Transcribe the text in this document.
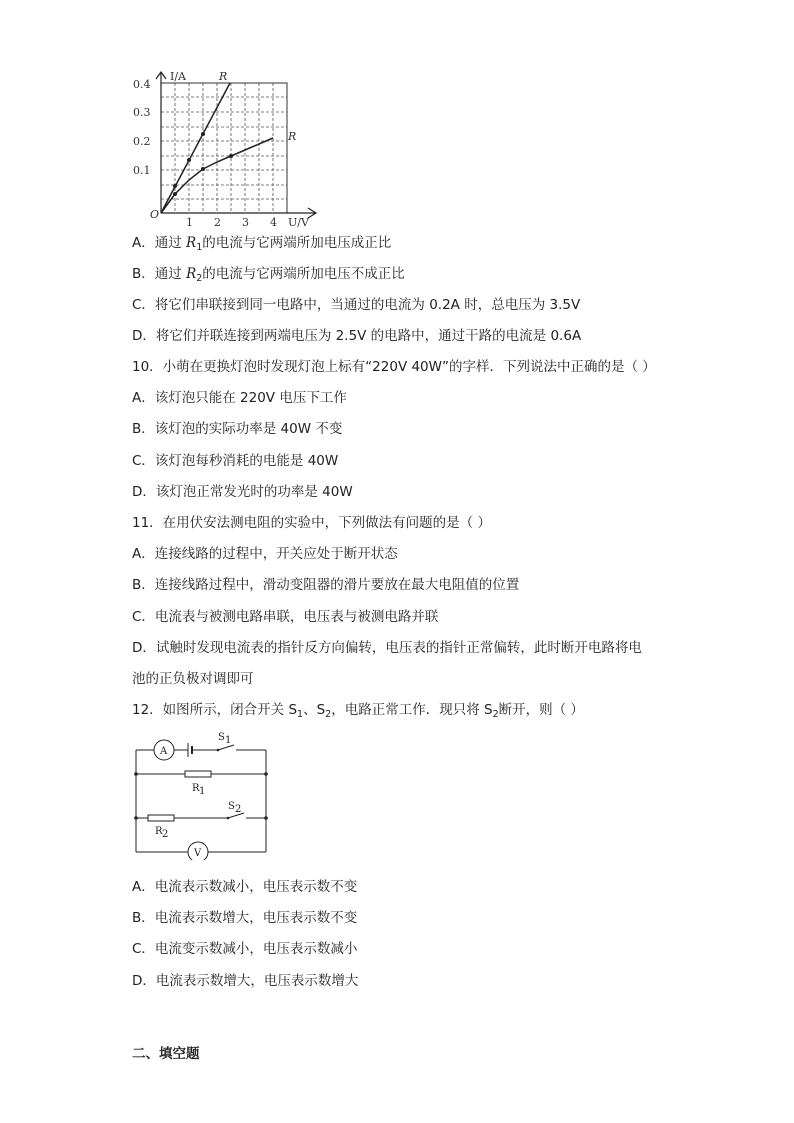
I/A
O
0.1
0.2
0.3
0.4
1 2 3 4 U/V
R
R
A．通过 $R_1$的电流与它两端所加电压成正比
B．通过 $R_2$的电流与它两端所加电压不成正比
C．将它们串联接到同一电路中，当通过的电流为 0.2A 时，总电压为 3.5V
D．将它们并联连接到两端电压为 2.5V 的电路中，通过干路的电流是 0.6A
10．小萌在更换灯泡时发现灯泡上标有“220V 40W”的字样．下列说法中正确的是（ ）
A．该灯泡只能在 220V 电压下工作
B．该灯泡的实际功率是 40W 不变
C．该灯泡每秒消耗的电能是 40W
D．该灯泡正常发光时的功率是 40W
11．在用伏安法测电阻的实验中，下列做法有问题的是（ ）
A．连接线路的过程中，开关应处于断开状态
B．连接线路过程中，滑动变阻器的滑片要放在最大电阻值的位置
C．电流表与被测电路串联，电压表与被测电路并联
D．试触时发现电流表的指针反方向偏转，电压表的指针正常偏转，此时断开电路将电
池的正负极对调即可
12．如图所示，闭合开关 $S_1$、$S_2$，电路正常工作．现只将 $S_2$断开，则（ ）
A
V
S 1
R 1
S 2
R 2
A．电流表示数减小，电压表示数不变
B．电流表示数增大，电压表示数不变
C．电流变示数减小，电压表示数减小
D．电流表示数增大，电压表示数增大
二、填空题
